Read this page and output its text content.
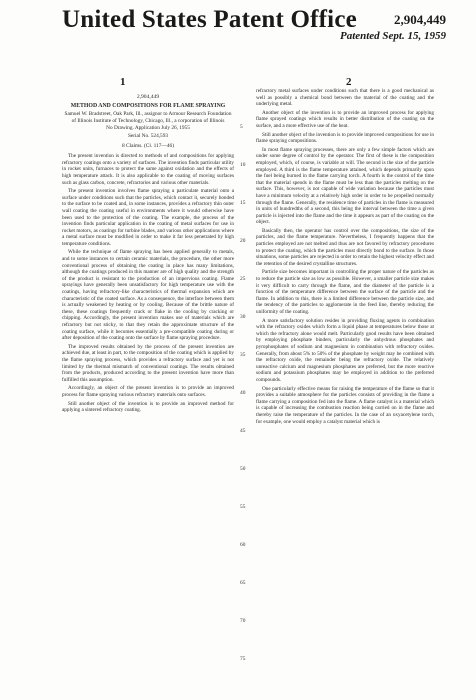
United States Patent Office	2,904,449
Patented Sept. 15, 1959
1	2
2,904,449
METHOD AND COMPOSITIONS FOR FLAME SPRAYING
Samuel W. Bradstreet, Oak Park, Ill., assignor to Armour Research Foundation of Illinois Institute of Technology, Chicago, Ill., a corporation of Illinois
No Drawing. Application July 26, 1955
Serial No. 524,593
8 Claims. (Cl. 117—46)

The present invention is directed to methods of and compositions for applying refractory coatings onto a variety of surfaces. The invention finds particular utility in rocket units, furnaces to protect the same against oxidation and the effects of high temperature attack. It is also applicable to the coating of moving surfaces such as glass carbon, concrete, refractories and various other materials.

The present invention involves flame spraying a particulate material onto a surface under conditions such that the particles, which contact it, securely bonded to the surface to be coated and, in some instances, provides a refractory thin outer wall coating the coating useful in environments where it would otherwise have been used to the protection of the coating. The example, the process of the invention finds particular application in the coating of metal surfaces for use in rocket motors, as coatings for turbine blades, and various other applications where a metal surface must be modified in order to make it far less penetrated by high temperature conditions.

While the technique of flame spraying has been applied generally to metals, and to some instances to certain ceramic materials, the procedure, the other more conventional process of obtaining the coating in place has many limitations, although the coatings produced in this manner are of high quality and the strength of the product is resistant to the production of an impervious coating. Flame sprayings have generally been unsatisfactory for high temperature use with the coatings, having refractory-like characteristics of thermal expansion which are characteristic of the coated surface. As a consequence, the interface between them is actually weakened by heating or by cooling. Because of the brittle nature of these, these coatings frequently crack or flake in the cooling by cracking or chipping. Accordingly, the present invention makes use of materials which are refractory but not sticky, to that they retain the approximate structure of the coating surface, while it becomes essentially a pre-compatible coating during or after deposition of the coating onto the surface by flame spraying procedure.

The improved results obtained by the process of the present invention are achieved due, at least in part, to the composition of the coating which is applied by the flame spraying process, which provides a refractory surface and yet is not limited by the thermal mismatch of conventional coatings. The results obtained from the products, produced according to the present invention have more than fulfilled this assumption.

Accordingly, an object of the present invention is to provide an improved process for flame spraying various refractory materials onto surfaces.

Still another object of the invention is to provide an improved method for applying a sintered refractory coating.

5
10
15
20
25
30
35
40
45
50
55
60
65
70
75

refractory metal surfaces under conditions such that there is a good mechanical as well as possibly a chemical bond between the material of the coating and the underlying metal.

Another object of the invention is to provide an improved process for applying flame sprayed coatings which results in better distribution of the coating on the surface, and a more effective use of the heat.

Still another object of the invention is to provide improved compositions for use in flame spraying compositions.

In most flame spraying processes, there are only a few simple factors which are under some degree of control by the operator. The first of these is the composition employed, which, of course, is variable at will. The second is the size of the particle employed. A third is the flame temperature attained, which depends primarily upon the fuel being burned in the flame carrying torch. A fourth is the control of the time that the material spends in the flame must be less than the particles melting on the surface. This, however, is not capable of wide variation because the particles must have a minimum velocity at a relatively high order in order to be propelled normally through the flame. Generally, the residence time of particles in the flame is measured in units of hundredths of a second, this being the interval between the time a given particle is injected into the flame and the time it appears as part of the coating on the object.

Basically then, the operator has control over the compositions, the size of the particles, and the flame temperature. Nevertheless, I frequently happens that the particles employed are not melted and thus are not favored by refractory procedures to protect the coating, which the particles must directly bond to the surface. In those situations, some particles are rejected in order to retain the highest velocity effect and the retention of the desired crystalline structures.

Particle size becomes important in controlling the proper nature of the particles as to reduce the particle size as low as possible. However, a smaller particle size makes it very difficult to carry through the flame, and the diameter of the particle is a function of the temperature difference between the surface of the particle and the flame. In addition to this, there is a limited difference between the particle size, and the tendency of the particles to agglomerate in the feed line, thereby reducing the uniformity of the coating.

A more satisfactory solution resides in providing fluxing agents in combination with the refractory oxides which form a liquid phase at temperatures below those at which the refractory alone would melt. Particularly good results have been obtained by employing phosphate binders, particularly the anhydrous phosphates and pyrophosphates of sodium and magnesium in combination with refractory oxides. Generally, from about 5% to 50% of the phosphate by weight may be combined with the refractory oxide, the remainder being the refractory oxide. The relatively unreactive calcium and magnesium phosphates are preferred, but the more reactive sodium and potassium phosphates may be employed in addition to the preferred compounds.

One particularly effective means for raising the temperature of the flame so that it provides a suitable atmosphere for the particles consists of providing in the flame a flame carrying a composition fed into the flame. A flame catalyst is a material which is capable of increasing the combustion reaction being carried on in the flame and thereby raise the temperature of the particles. In the case of an oxyacetylene torch, for example, one would employ a catalyst material which is
